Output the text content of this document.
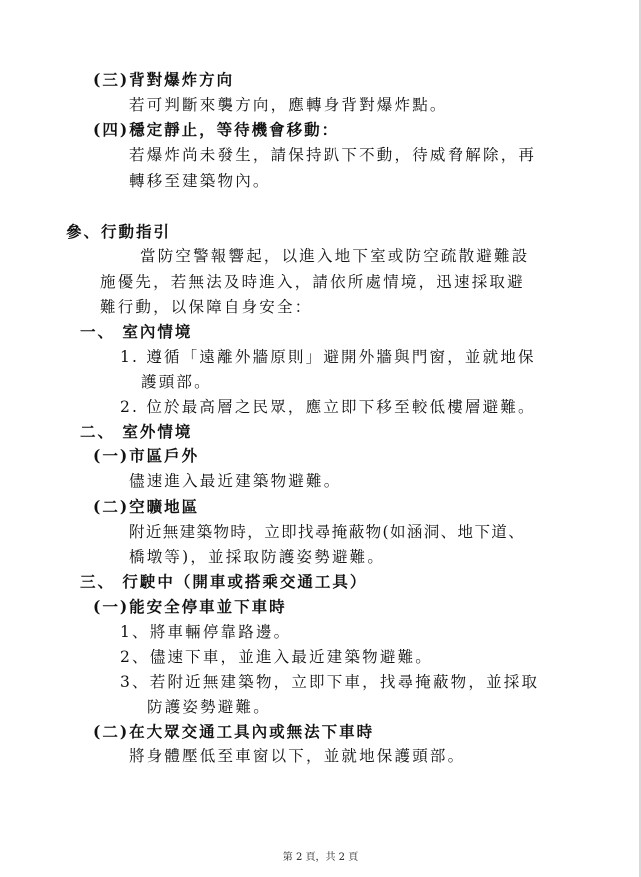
(三)背對爆炸方向
若可判斷來襲方向，應轉身背對爆炸點。
(四)穩定靜止，等待機會移動：
若爆炸尚未發生，請保持趴下不動，待威脅解除，再
轉移至建築物內。
參、行動指引
當防空警報響起，以進入地下室或防空疏散避難設
施優先，若無法及時進入，請依所處情境，迅速採取避
難行動，以保障自身安全：
一、 室內情境
1. 遵循「遠離外牆原則」避開外牆與門窗，並就地保
護頭部。
2. 位於最高層之民眾，應立即下移至較低樓層避難。
二、 室外情境
(一)市區戶外
儘速進入最近建築物避難。
(二)空曠地區
附近無建築物時，立即找尋掩蔽物(如涵洞、地下道、
橋墩等)，並採取防護姿勢避難。
三、 行駛中（開車或搭乘交通工具）
(一)能安全停車並下車時
1、將車輛停靠路邊。
2、儘速下車，並進入最近建築物避難。
3、若附近無建築物，立即下車，找尋掩蔽物，並採取
防護姿勢避難。
(二)在大眾交通工具內或無法下車時
將身體壓低至車窗以下，並就地保護頭部。
第 2 頁，共 2 頁
